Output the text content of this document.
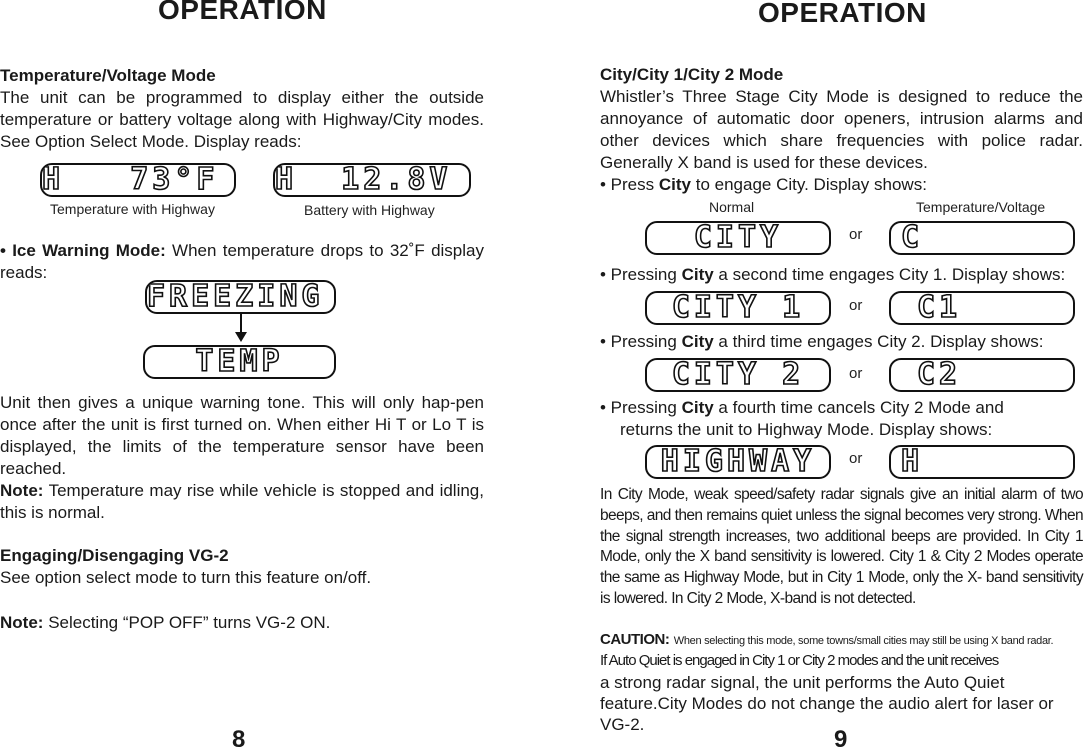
OPERATION
Temperature/Voltage Mode
The unit can be programmed to display either the outside temperature or battery voltage along with Highway/City modes. See Option Select Mode. Display reads:
H   73°F	H  12.8V
Temperature with Highway	Battery with Highway
• Ice Warning Mode: When temperature drops to 32˚F display reads:
FREEZING
TEMP
Unit then gives a unique warning tone. This will only hap-pen once after the unit is first turned on. When either Hi T or Lo T is displayed, the limits of the temperature sensor have been reached.
Note: Temperature may rise while vehicle is stopped and idling, this is normal.
Engaging/Disengaging VG-2
See option select mode to turn this feature on/off.
Note: Selecting “POP OFF” turns VG-2 ON.
8
OPERATION
City/City 1/City 2 Mode
Whistler’s Three Stage City Mode is designed to reduce the annoyance of automatic door openers, intrusion alarms and other devices which share frequencies with police radar. Generally X band is used for these devices.
• Press City to engage City. Display shows:
Normal	Temperature/Voltage
CITY	or	C
• Pressing City a second time engages City 1. Display shows:
CITY 1	or	C1
• Pressing City a third time engages City 2. Display shows:
CITY 2	or	C2
• Pressing City a fourth time cancels City 2 Mode and
returns the unit to Highway Mode. Display shows:
HIGHWAY	or	H
In City Mode, weak speed/safety radar signals give an initial alarm of two beeps, and then remains quiet unless the signal becomes very strong. When the signal strength increases, two additional beeps are provided. In City 1 Mode, only the X band sensitivity is lowered. City 1 & City 2 Modes operate the same as Highway Mode, but in City 1 Mode, only the X- band sensitivity is lowered. In City 2 Mode, X-band is not detected.
CAUTION: When selecting this mode, some towns/small cities may still be using X band radar.
If Auto Quiet is engaged in City 1 or City 2 modes and the unit receives
a strong radar signal, the unit performs the Auto Quiet feature.City Modes do not change the audio alert for laser or VG-2.
9
